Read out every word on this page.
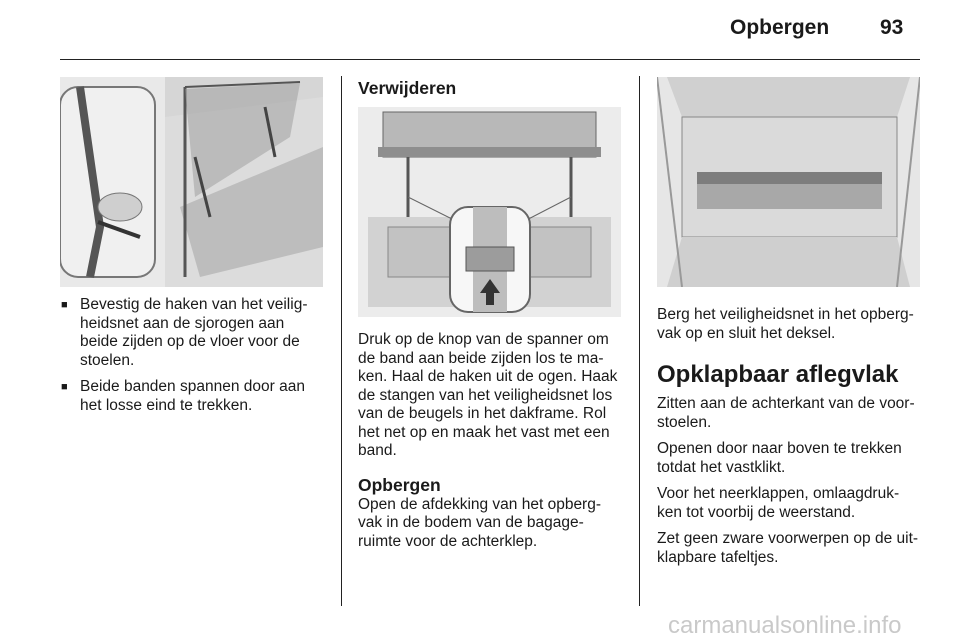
Opbergen 93
■ Bevestig de haken van het veilig-heidsnet aan de sjorogen aan beide zijden op de vloer voor de stoelen.
■ Beide banden spannen door aan het losse eind te trekken.
Verwijderen

Druk op de knop van de spanner om de band aan beide zijden los te ma-ken. Haal de haken uit de ogen. Haak de stangen van het veiligheidsnet los van de beugels in het dakframe. Rol het net op en maak het vast met een band.

Opbergen

Open de afdekking van het opberg-vak in de bodem van de bagage-ruimte voor de achterklep.

Berg het veiligheidsnet in het opberg-vak op en sluit het deksel.

Opklapbaar aflegvlak

Zitten aan de achterkant van de voor-stoelen.

Openen door naar boven te trekken totdat het vastklikt.

Voor het neerklappen, omlaagdruk-ken tot voorbij de weerstand.

Zet geen zware voorwerpen op de uit-klapbare tafeltjes.

carmanualsonline.info
